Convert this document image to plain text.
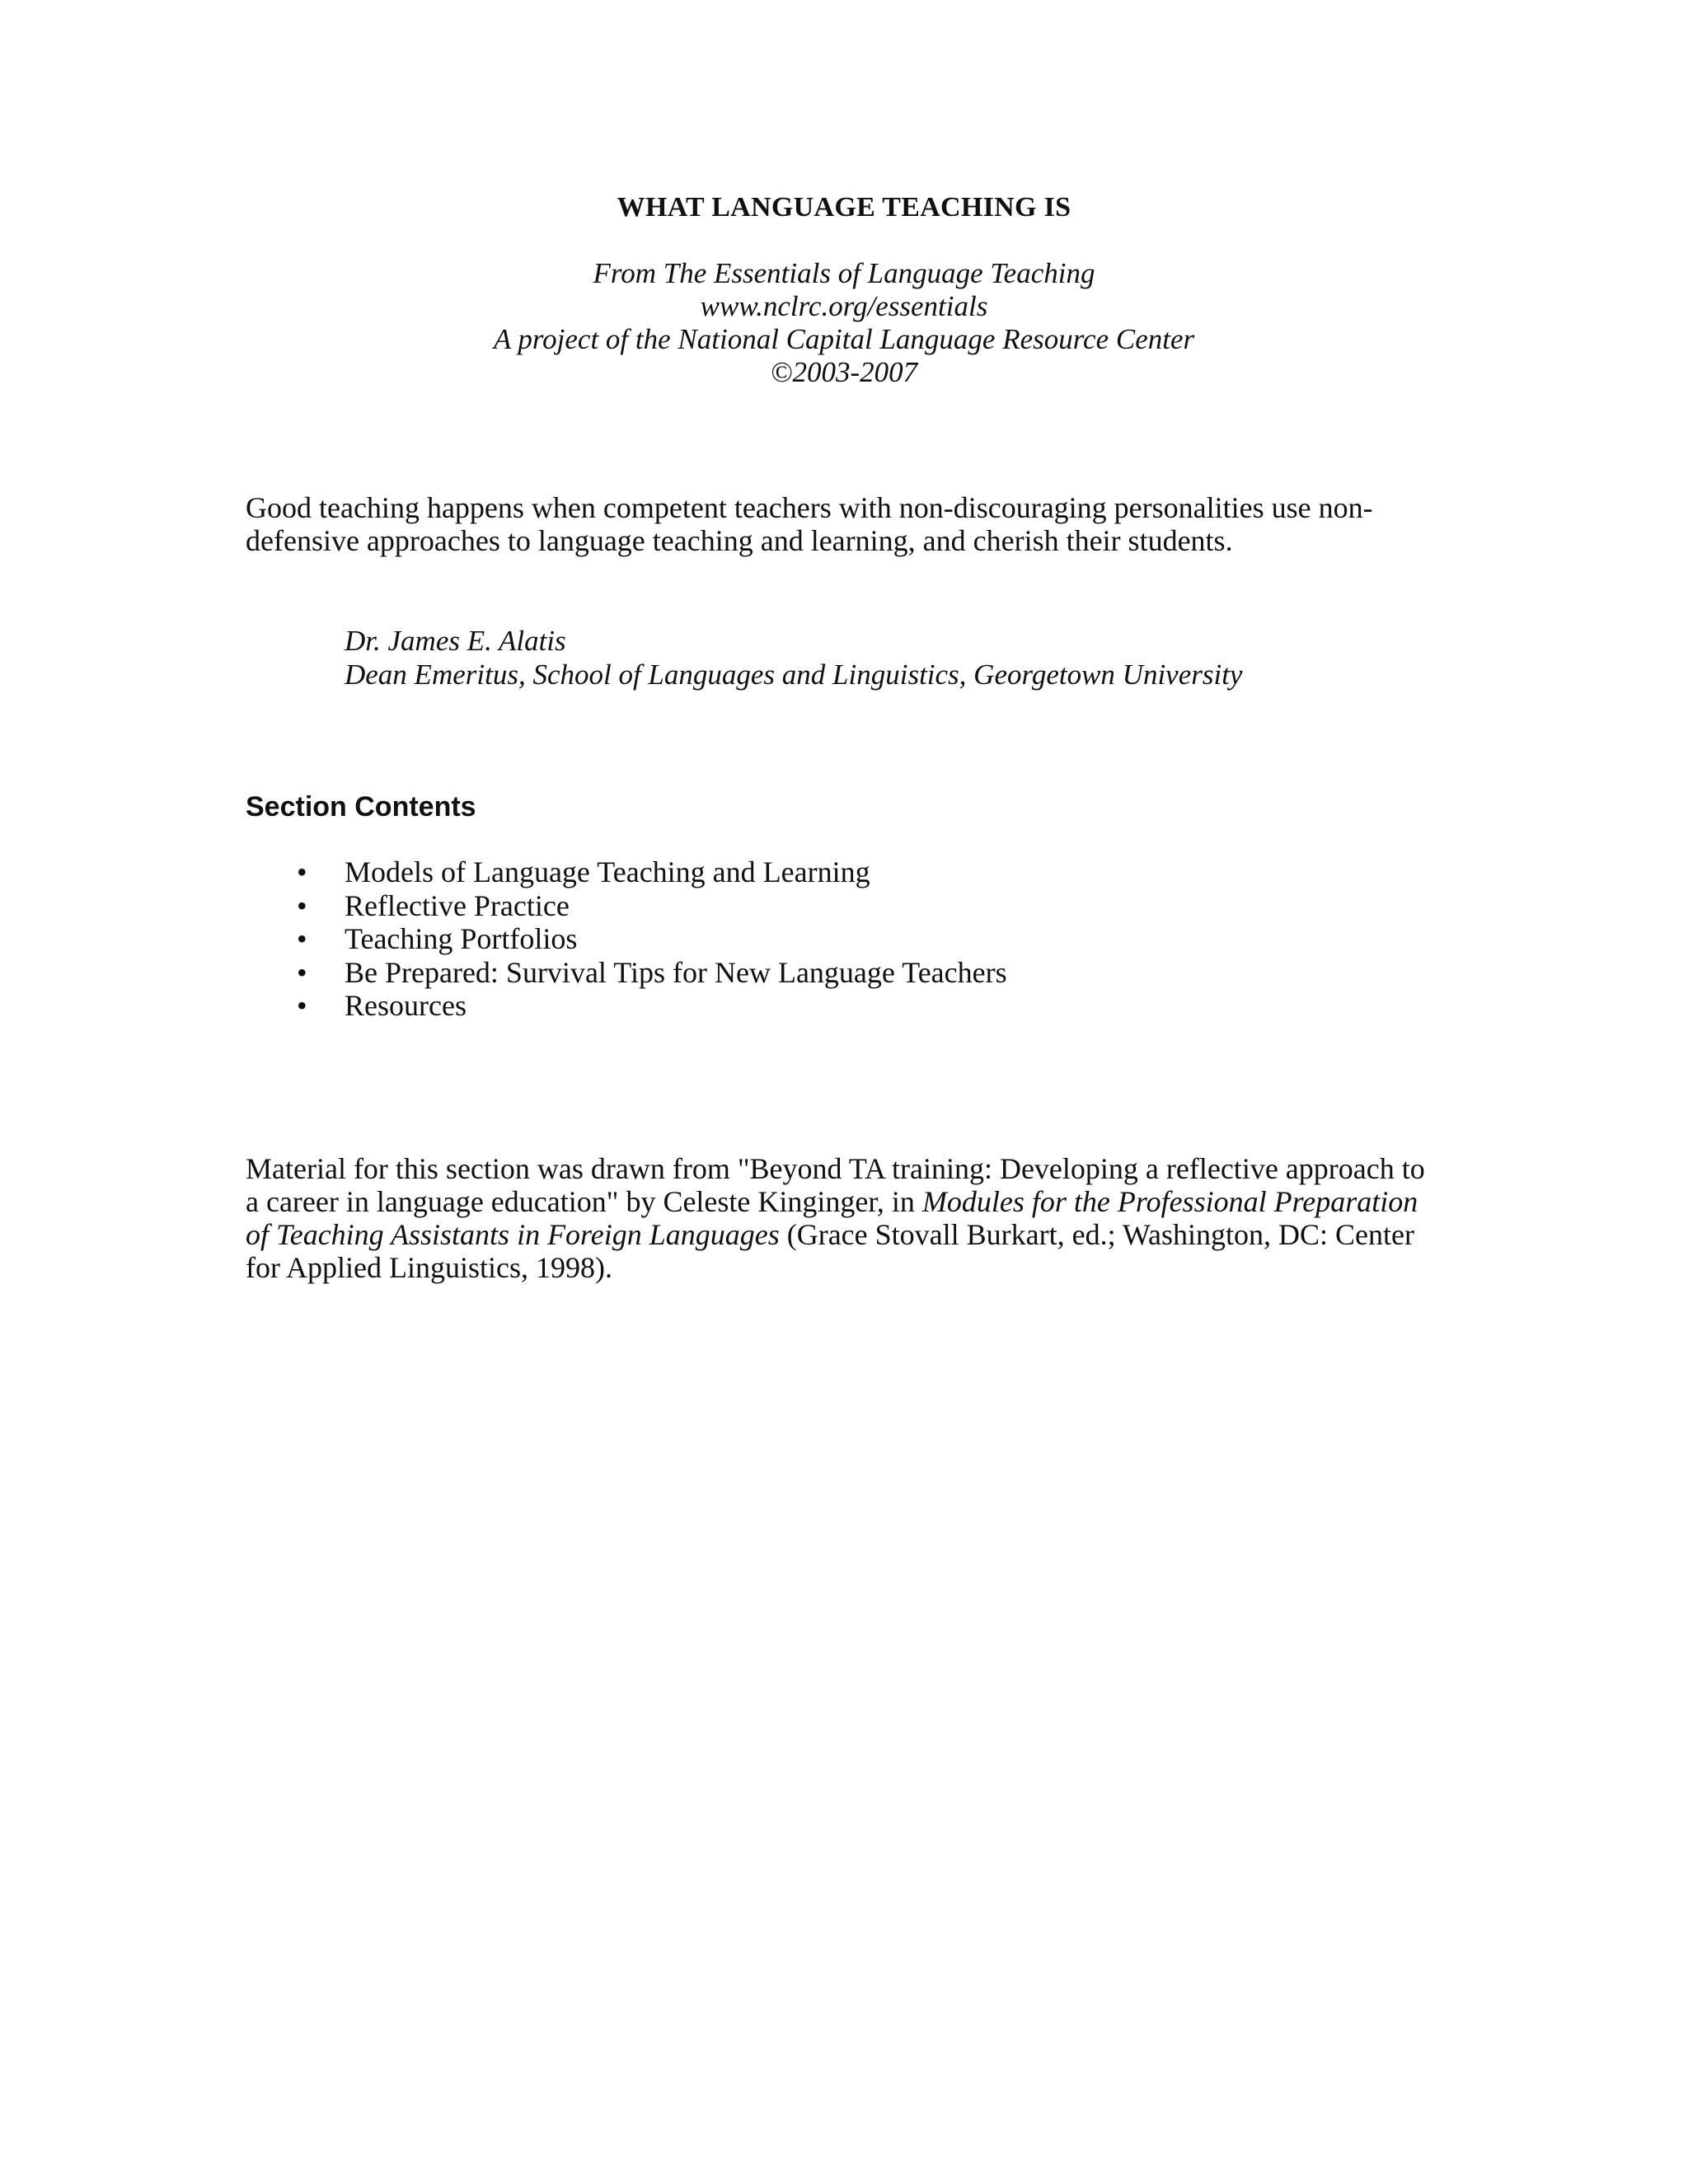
WHAT LANGUAGE TEACHING IS
From The Essentials of Language Teaching
www.nclrc.org/essentials
A project of the National Capital Language Resource Center
©2003-2007
Good teaching happens when competent teachers with non-discouraging personalities use non-defensive approaches to language teaching and learning, and cherish their students.
Dr. James E. Alatis
Dean Emeritus, School of Languages and Linguistics, Georgetown University
Section Contents
• Models of Language Teaching and Learning
• Reflective Practice
• Teaching Portfolios
• Be Prepared: Survival Tips for New Language Teachers
• Resources
Material for this section was drawn from "Beyond TA training: Developing a reflective approach to a career in language education" by Celeste Kinginger, in Modules for the Professional Preparation of Teaching Assistants in Foreign Languages (Grace Stovall Burkart, ed.; Washington, DC: Center for Applied Linguistics, 1998).
